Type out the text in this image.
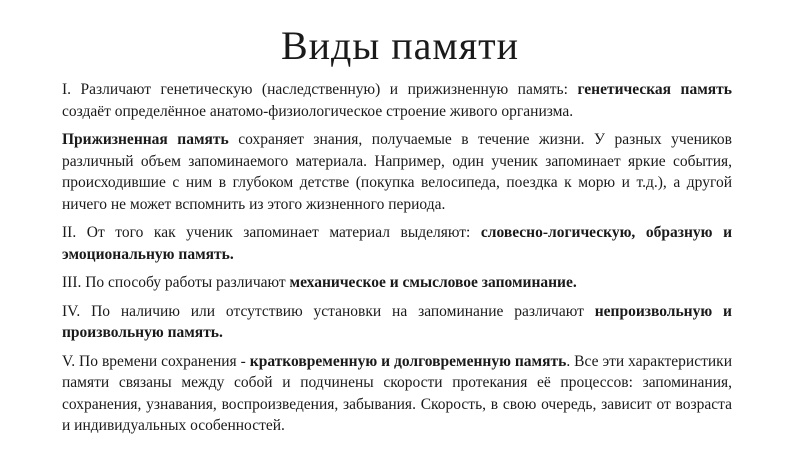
Виды памяти

I. Различают генетическую (наследственную) и прижизненную память: генетическая память создаёт определённое анатомо-физиологическое строение живого организма.

Прижизненная память сохраняет знания, получаемые в течение жизни. У разных учеников различный объем запоминаемого материала. Например, один ученик запоминает яркие события, происходившие с ним в глубоком детстве (покупка велосипеда, поездка к морю и т.д.), а другой ничего не может вспомнить из этого жизненного периода.

II. От того как ученик запоминает материал выделяют: словесно-логическую, образную и эмоциональную память.

III. По способу работы различают механическое и смысловое запоминание.

IV. По наличию или отсутствию установки на запоминание различают непроизвольную и произвольную память.

V. По времени сохранения - кратковременную и долговременную память. Все эти характеристики памяти связаны между собой и подчинены скорости протекания её процессов: запоминания, сохранения, узнавания, воспроизведения, забывания. Скорость, в свою очередь, зависит от возраста и индивидуальных особенностей.
